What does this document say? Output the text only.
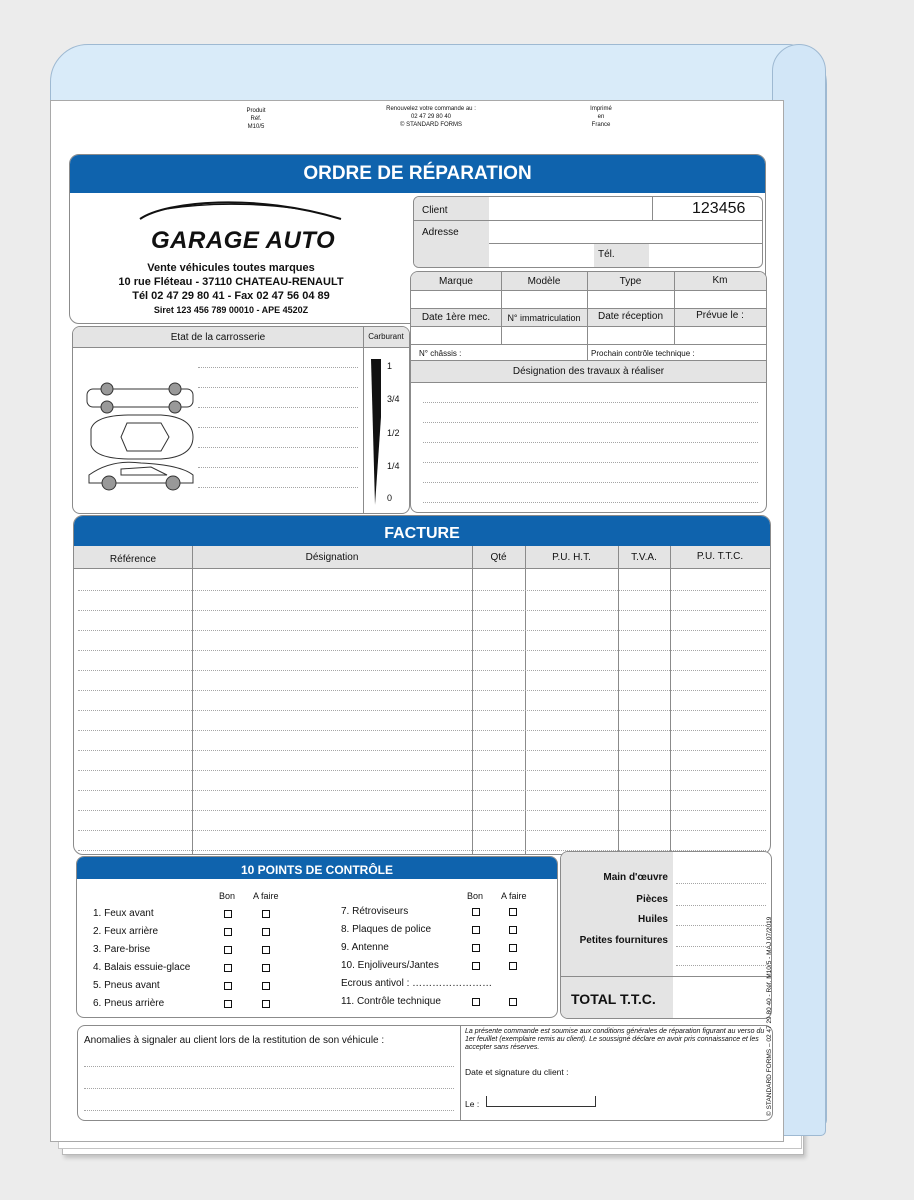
Produit
Réf.
M10/5
Renouvelez votre commande au :
02 47 29 80 40
© STANDARD FORMS
Imprimé
en
France
ORDRE DE RÉPARATION
GARAGE AUTO
Vente véhicules toutes marques
10 rue Fléteau - 37110 CHATEAU-RENAULT
Tél 02 47 29 80 41 - Fax 02 47 56 04 89
Siret 123 456 789 00010 - APE 4520Z
Client	123456
Adresse
Tél.
Marque	Modèle	Type	Km
Date 1ère mec.	N° immatriculation	Date réception	Prévue le :
N° châssis :	Prochain contrôle technique :
Désignation des travaux à réaliser
Etat de la carrosserie	Carburant
1
3/4
1/2
1/4
0
FACTURE
Référence	Désignation	Qté	P.U. H.T.	T.V.A.	P.U. T.T.C.
10 POINTS DE CONTRÔLE
Bon A faire	Bon A faire
1. Feux avant	7. Rétroviseurs
2. Feux arrière	8. Plaques de police
3. Pare-brise	9. Antenne
4. Balais essuie-glace	10. Enjoliveurs/Jantes
5. Pneus avant	Ecrous antivol : ……………………
6. Pneus arrière	11. Contrôle technique
Main d'œuvre
Pièces
Huiles
Petites fournitures
TOTAL T.T.C.
Anomalies à signaler au client lors de la restitution de son véhicule :
La présente commande est soumise aux conditions générales de réparation figurant au verso du 1er feuillet (exemplaire remis au client). Le soussigné déclare en avoir pris connaissance et les accepter sans réserves.
Date et signature du client :
Le :	© STANDARD FORMS – 02 47 29 80 40 - Réf. M10/5 - MAJ 07/2019
